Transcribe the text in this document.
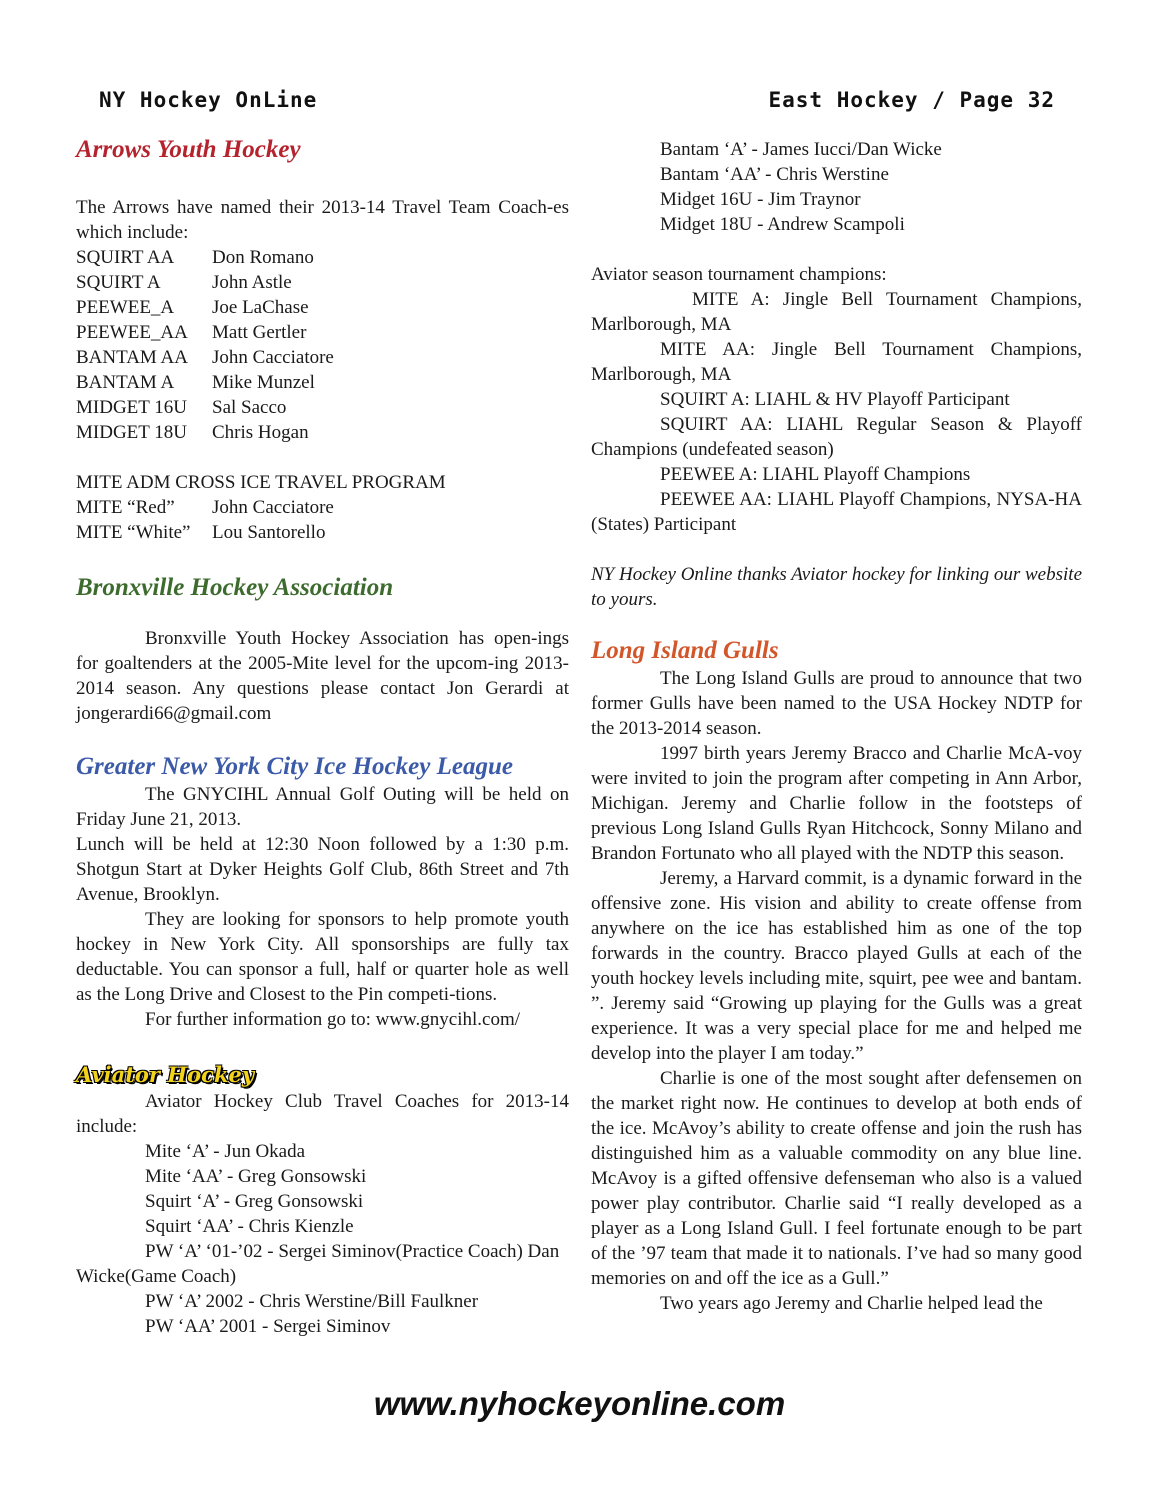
NY Hockey OnLine	East Hockey / Page 32
Arrows Youth Hockey

The Arrows have named their 2013-14 Travel Team Coach-es which include:

SQUIRT AA	Don Romano
SQUIRT A	John Astle
PEEWEE_A	Joe LaChase
PEEWEE_AA	Matt Gertler
BANTAM AA	John Cacciatore
BANTAM A	Mike Munzel
MIDGET 16U	Sal Sacco
MIDGET 18U	Chris Hogan

MITE ADM CROSS ICE TRAVEL PROGRAM

MITE “Red”	John Cacciatore
MITE “White”	Lou Santorello
Bronxville Hockey Association

Bronxville Youth Hockey Association has open-ings for goaltenders at the 2005-Mite level for the upcom-ing 2013- 2014 season. Any questions please contact Jon Gerardi at jongerardi66@gmail.com

Greater New York City Ice Hockey League

The GNYCIHL Annual Golf Outing will be held on Friday June 21, 2013.

Lunch will be held at 12:30 Noon followed by a 1:30 p.m. Shotgun Start at Dyker Heights Golf Club, 86th Street and 7th Avenue, Brooklyn.

They are looking for sponsors to help promote youth hockey in New York City. All sponsorships are fully tax deductable. You can sponsor a full, half or quarter hole as well as the Long Drive and Closest to the Pin competi-tions.

For further information go to: www.gnycihl.com/

Aviator Hockey

Aviator Hockey Club Travel Coaches for 2013-14 include:

Mite ‘A’ - Jun Okada

Mite ‘AA’ - Greg Gonsowski

Squirt ‘A’ - Greg Gonsowski

Squirt ‘AA’ - Chris Kienzle

PW ‘A’ ‘01-’02 - Sergei Siminov(Practice Coach) Dan Wicke(Game Coach)

PW ‘A’ 2002 - Chris Werstine/Bill Faulkner

PW ‘AA’ 2001 - Sergei Siminov

Bantam ‘A’ - James Iucci/Dan Wicke

Bantam ‘AA’ - Chris Werstine

Midget 16U - Jim Traynor

Midget 18U - Andrew Scampoli

Aviator season tournament champions:

MITE A: Jingle Bell Tournament Champions, Marlborough, MA

MITE AA: Jingle Bell Tournament Champions, Marlborough, MA

SQUIRT A: LIAHL & HV Playoff Participant

SQUIRT AA: LIAHL Regular Season & Playoff Champions (undefeated season)

PEEWEE A: LIAHL Playoff Champions

PEEWEE AA: LIAHL Playoff Champions, NYSA-HA (States) Participant

NY Hockey Online thanks Aviator hockey for linking our website to yours.

Long Island Gulls

The Long Island Gulls are proud to announce that two former Gulls have been named to the USA Hockey NDTP for the 2013-2014 season.

1997 birth years Jeremy Bracco and Charlie McA-voy were invited to join the program after competing in Ann Arbor, Michigan. Jeremy and Charlie follow in the footsteps of previous Long Island Gulls Ryan Hitchcock, Sonny Milano and Brandon Fortunato who all played with the NDTP this season.

Jeremy, a Harvard commit, is a dynamic forward in the offensive zone. His vision and ability to create offense from anywhere on the ice has established him as one of the top forwards in the country. Bracco played Gulls at each of the youth hockey levels including mite, squirt, pee wee and bantam. ”. Jeremy said “Growing up playing for the Gulls was a great experience. It was a very special place for me and helped me develop into the player I am today.”

Charlie is one of the most sought after defensemen on the market right now. He continues to develop at both ends of the ice. McAvoy’s ability to create offense and join the rush has distinguished him as a valuable commodity on any blue line. McAvoy is a gifted offensive defenseman who also is a valued power play contributor. Charlie said “I really developed as a player as a Long Island Gull. I feel fortunate enough to be part of the ’97 team that made it to nationals. I’ve had so many good memories on and off the ice as a Gull.”

Two years ago Jeremy and Charlie helped lead the

www.nyhockeyonline.com
